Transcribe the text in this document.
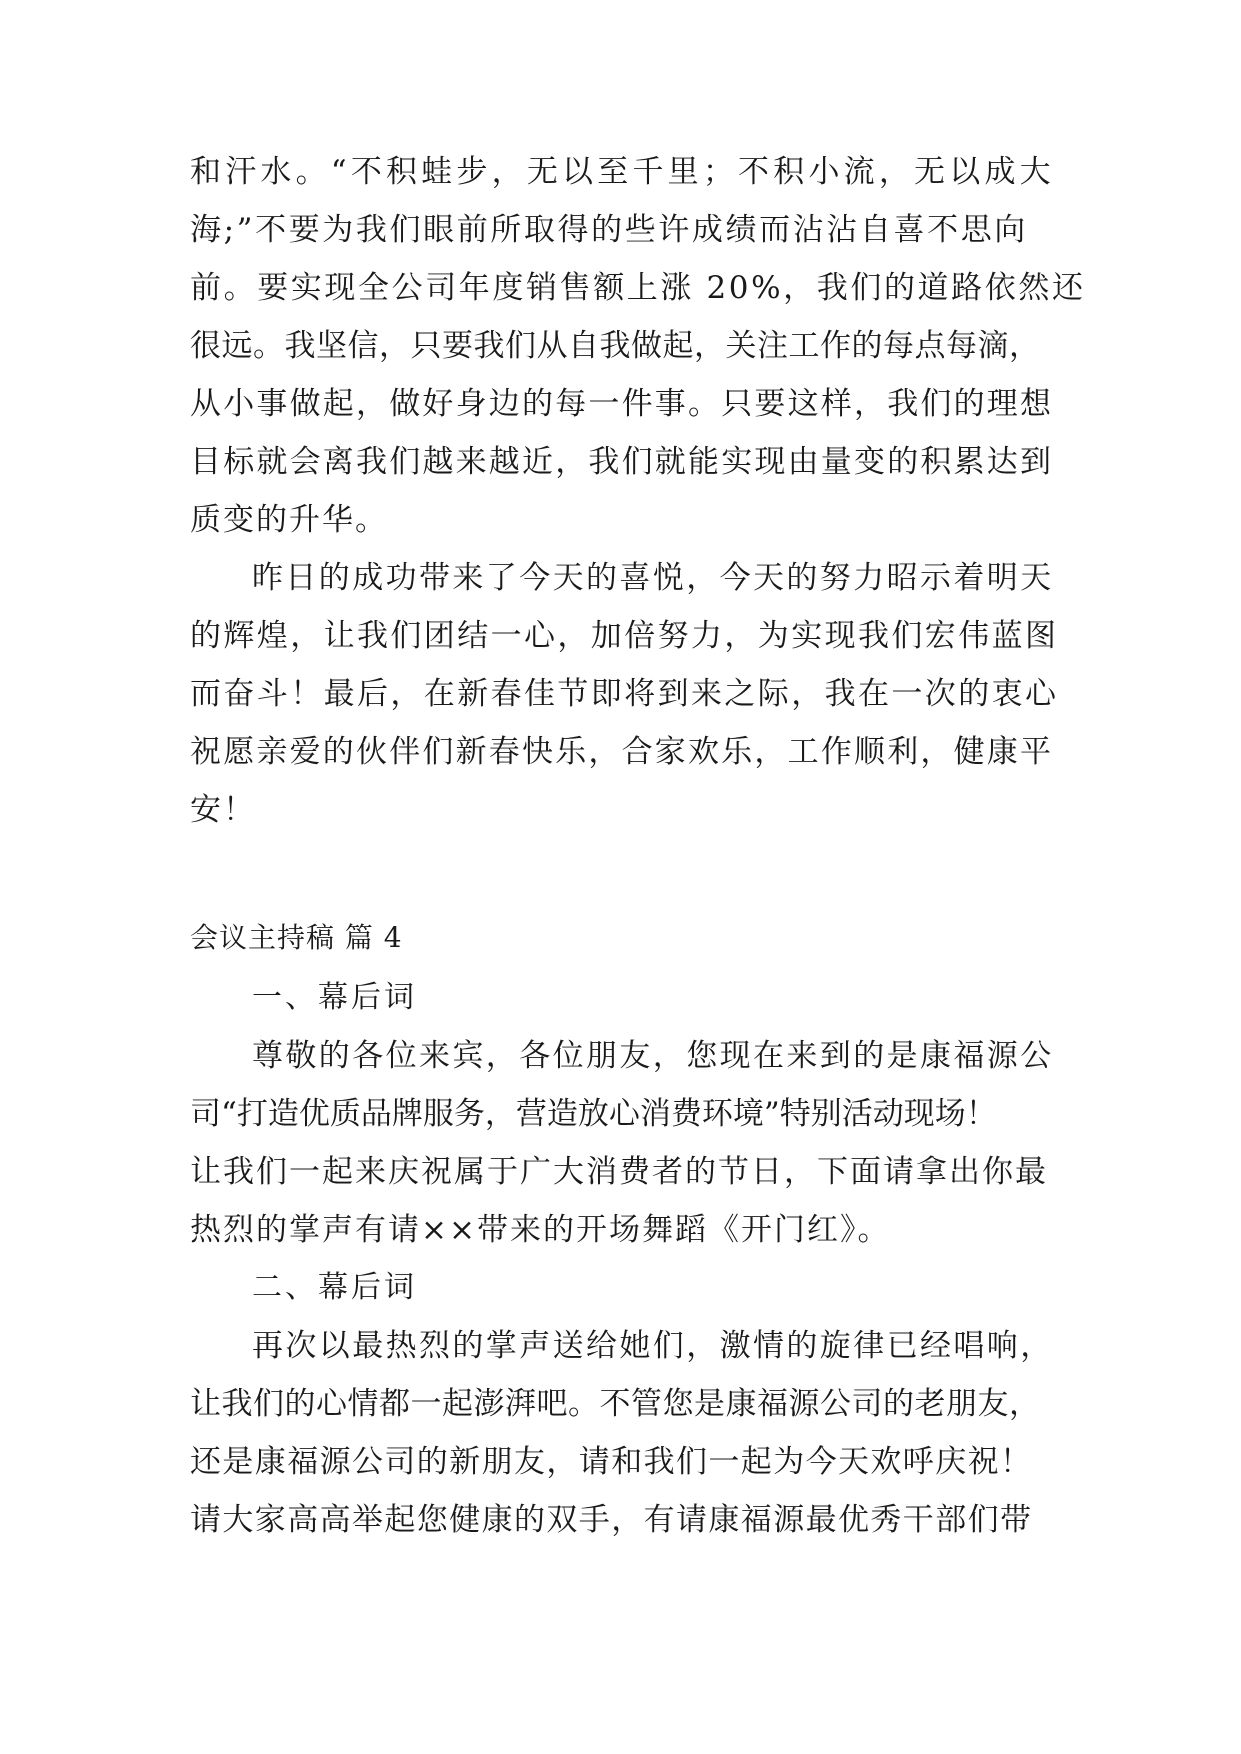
和汗水。“不积蛙步，无以至千里；不积小流，无以成大
海;”不要为我们眼前所取得的些许成绩而沾沾自喜不思向
前。要实现全公司年度销售额上涨 20%，我们的道路依然还
很远。我坚信，只要我们从自我做起，关注工作的每点每滴，
从小事做起，做好身边的每一件事。只要这样，我们的理想
目标就会离我们越来越近，我们就能实现由量变的积累达到
质变的升华。
昨日的成功带来了今天的喜悦，今天的努力昭示着明天
的辉煌，让我们团结一心，加倍努力，为实现我们宏伟蓝图
而奋斗！最后，在新春佳节即将到来之际，我在一次的衷心
祝愿亲爱的伙伴们新春快乐，合家欢乐，工作顺利，健康平
安！
会议主持稿 篇 4
一、幕后词
尊敬的各位来宾，各位朋友，您现在来到的是康福源公
司“打造优质品牌服务，营造放心消费环境”特别活动现场！
让我们一起来庆祝属于广大消费者的节日，下面请拿出你最
热烈的掌声有请××带来的开场舞蹈《开门红》。
二、幕后词
再次以最热烈的掌声送给她们，激情的旋律已经唱响，
让我们的心情都一起澎湃吧。不管您是康福源公司的老朋友，
还是康福源公司的新朋友，请和我们一起为今天欢呼庆祝！
请大家高高举起您健康的双手，有请康福源最优秀干部们带
